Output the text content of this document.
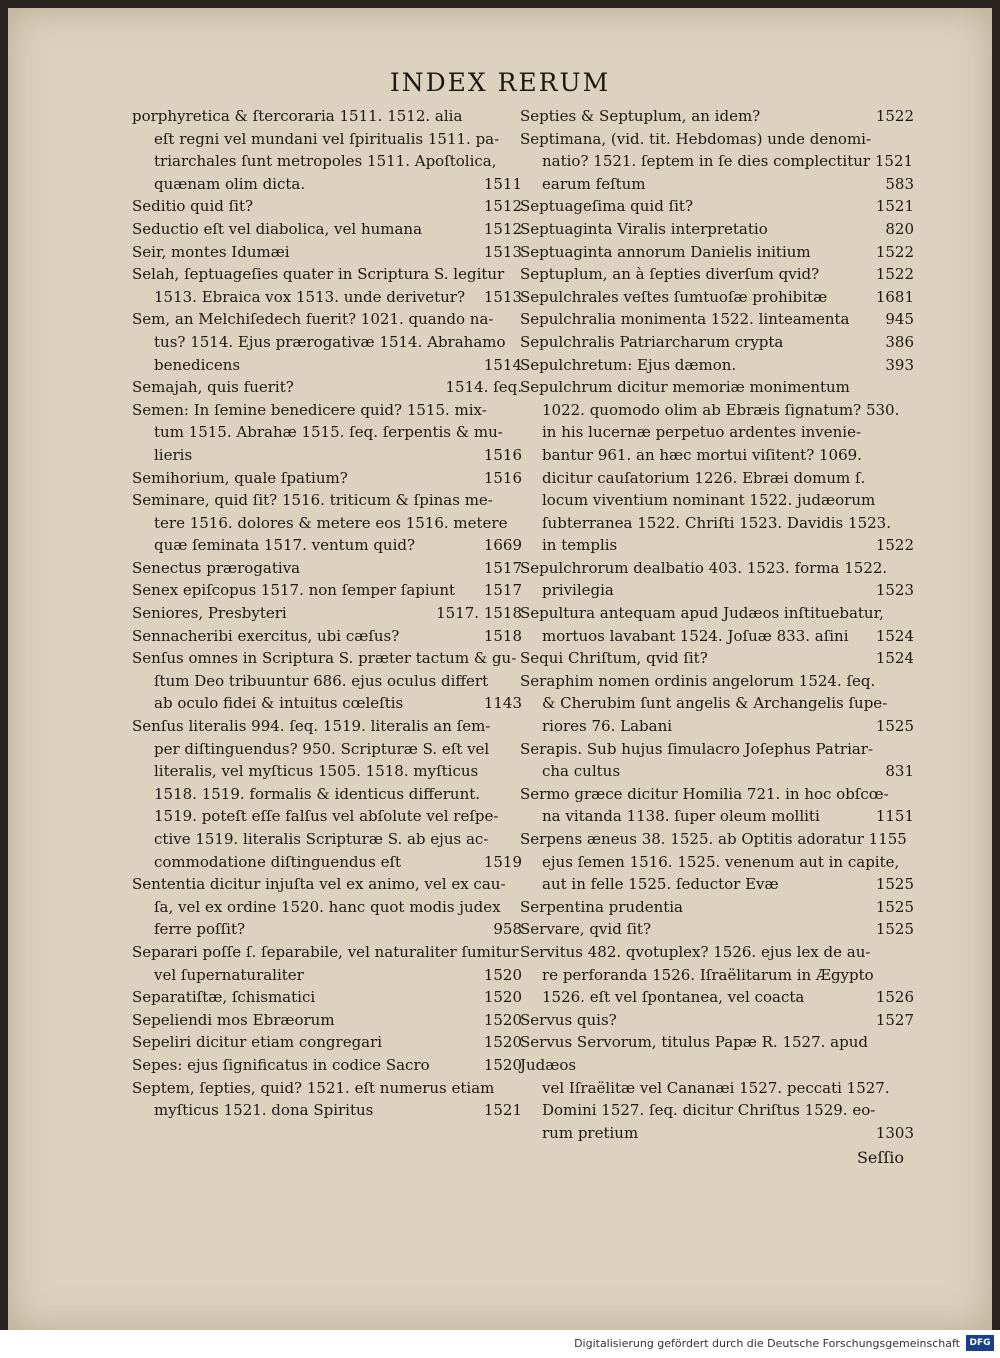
INDEX RERUM
porphyretica & ſtercoraria 1511. 1512. alia
eſt regni vel mundani vel ſpiritualis 1511. pa-
triarchales ſunt metropoles 1511. Apoſtolica,
quænam olim dicta.	1511
Seditio quid ſit?	1512
Seductio eſt vel diabolica, vel humana	1512
Seir, montes Idumæi	1513
Selah, ſeptuageſies quater in Scriptura S. legitur
1513. Ebraica vox 1513. unde derivetur? 1513
Sem, an Melchiſedech fuerit? 1021. quando na-
tus? 1514. Ejus prærogativæ 1514. Abrahamo
benedicens	1514
Semajah, quis fuerit?	1514. ſeq.
Semen: In ſemine benedicere quid? 1515. mix-
tum 1515. Abrahæ 1515. ſeq. ſerpentis & mu-
lieris	1516
Semihorium, quale ſpatium?	1516
Seminare, quid ſit? 1516. triticum & ſpinas me-
tere 1516. dolores & metere eos 1516. metere
quæ ſeminata 1517. ventum quid?	1669
Senectus prærogativa	1517
Senex epiſcopus 1517. non ſemper ſapiunt 1517
Seniores, Presbyteri	1517. 1518
Sennacheribi exercitus, ubi cæſus?	1518
Senſus omnes in Scriptura S. præter tactum & gu-
ſtum Deo tribuuntur 686. ejus oculus differt
ab oculo fidei & intuitus cœleſtis	1143
Senſus literalis 994. ſeq. 1519. literalis an ſem-
per diſtinguendus? 950. Scripturæ S. eſt vel
literalis, vel myſticus 1505. 1518. myſticus
1518. 1519. formalis & identicus differunt.
1519. poteſt eſſe falſus vel abſolute vel reſpe-
ctive 1519. literalis Scripturæ S. ab ejus ac-
commodatione diſtinguendus eſt	1519
Sententia dicitur injuſta vel ex animo, vel ex cau-
ſa, vel ex ordine 1520. hanc quot modis judex
ferre poſſit?	958
Separari poſſe ſ. ſeparabile, vel naturaliter ſumitur
vel ſupernaturaliter	1520
Separatiſtæ, ſchismatici	1520
Sepeliendi mos Ebræorum	1520
Sepeliri dicitur etiam congregari	1520
Sepes: ejus ſignificatus in codice Sacro	1520
Septem, ſepties, quid? 1521. eſt numerus etiam
myſticus 1521. dona Spiritus	1521
Septies & Septuplum, an idem?	1522
Septimana, (vid. tit. Hebdomas) unde denomi-
natio? 1521. ſeptem in ſe dies complectitur 1521
earum feſtum	583
Septuageſima quid ſit?	1521
Septuaginta Viralis interpretatio	820
Septuaginta annorum Danielis initium	1522
Septuplum, an à ſepties diverſum qvid?	1522
Sepulchrales veſtes ſumtuoſæ prohibitæ	1681
Sepulchralia monimenta 1522. linteamenta 945
Sepulchralis Patriarcharum crypta	386
Sepulchretum: Ejus dæmon.	393
Sepulchrum dicitur memoriæ monimentum
1022. quomodo olim ab Ebræis ſignatum? 530.
in his lucernæ perpetuo ardentes invenie-
bantur 961. an hæc mortui viſitent? 1069.
dicitur cauſatorium 1226. Ebræi domum ſ.
locum viventium nominant 1522. judæorum
ſubterranea 1522. Chriſti 1523. Davidis 1523.
in templis	1522
Sepulchrorum dealbatio 403. 1523. forma 1522.
privilegia	1523
Sepultura antequam apud Judæos inſtituebatur,
mortuos lavabant 1524. Joſuæ 833. aſini 1524
Sequi Chriſtum, qvid ſit?	1524
Seraphim nomen ordinis angelorum 1524. ſeq.
& Cherubim ſunt angelis & Archangelis ſupe-
riores 76. Labani	1525
Serapis. Sub hujus ſimulacro Joſephus Patriar-
cha cultus	831
Sermo græce dicitur Homilia 721. in hoc obſcœ-
na vitanda 1138. ſuper oleum molliti	1151
Serpens æneus 38. 1525. ab Optitis adoratur 1155
ejus ſemen 1516. 1525. venenum aut in capite,
aut in felle 1525. ſeductor Evæ	1525
Serpentina prudentia	1525
Servare, qvid ſit?	1525
Servitus 482. qvotuplex? 1526. ejus lex de au-
re perforanda 1526. Iſraëlitarum in Ægypto
1526. eſt vel ſpontanea, vel coacta	1526
Servus quis?	1527
Servus Servorum, titulus Papæ R. 1527. apud Judæos
vel Iſraëlitæ vel Cananæi 1527. peccati 1527.
Domini 1527. ſeq. dicitur Chriſtus 1529. eo-
rum pretium	1303
Seſſio
Digitalisierung gefördert durch die Deutsche Forschungsgemeinschaft	DFG
